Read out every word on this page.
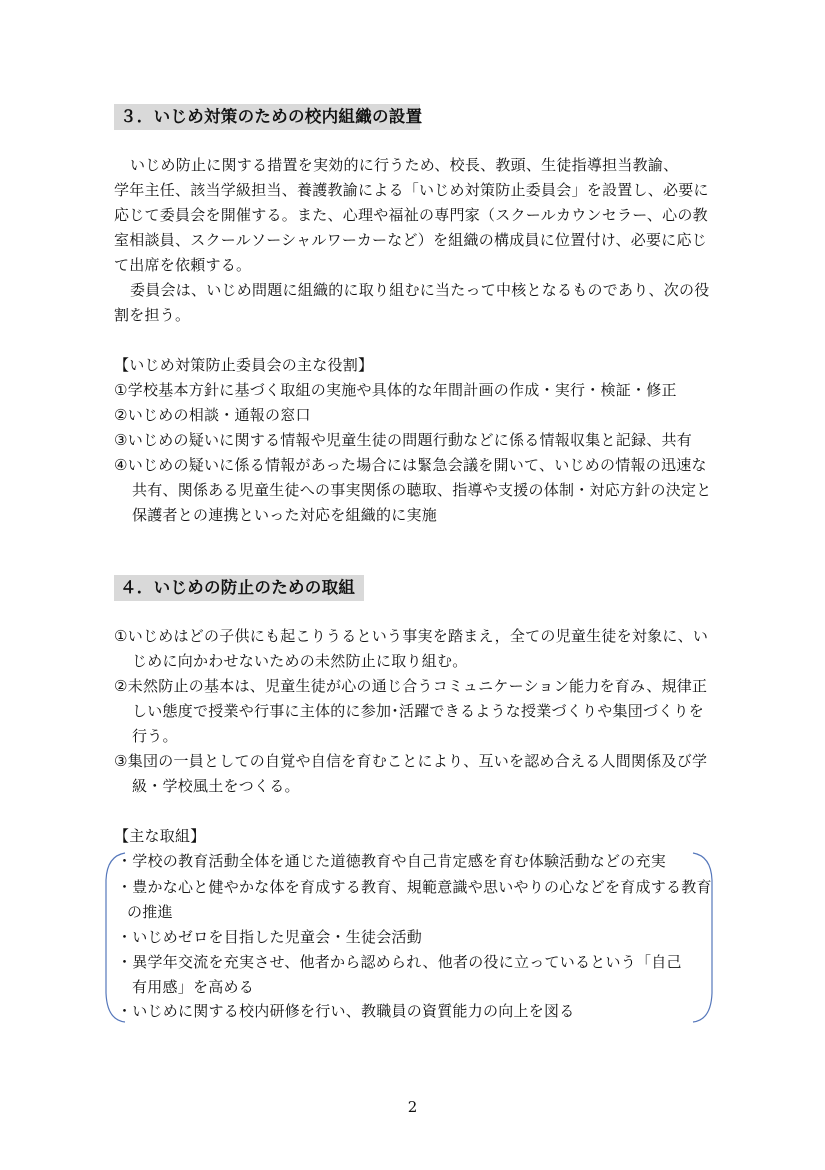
３．いじめ対策のための校内組織の設置
いじめ防止に関する措置を実効的に行うため、校長、教頭、生徒指導担当教諭、
学年主任、該当学級担当、養護教諭による「いじめ対策防止委員会」を設置し、必要に
応じて委員会を開催する。また、心理や福祉の専門家（スクールカウンセラー、心の教
室相談員、スクールソーシャルワーカーなど）を組織の構成員に位置付け、必要に応じ
て出席を依頼する。
委員会は、いじめ問題に組織的に取り組むに当たって中核となるものであり、次の役
割を担う。
【いじめ対策防止委員会の主な役割】
①学校基本方針に基づく取組の実施や具体的な年間計画の作成・実行・検証・修正
②いじめの相談・通報の窓口
③いじめの疑いに関する情報や児童生徒の問題行動などに係る情報収集と記録、共有
④いじめの疑いに係る情報があった場合には緊急会議を開いて、いじめの情報の迅速な
共有、関係ある児童生徒への事実関係の聴取、指導や支援の体制・対応方針の決定と
保護者との連携といった対応を組織的に実施
４．いじめの防止のための取組
①いじめはどの子供にも起こりうるという事実を踏まえ，全ての児童生徒を対象に、い
じめに向かわせないための未然防止に取り組む。
②未然防止の基本は、児童生徒が心の通じ合うコミュニケーション能力を育み、規律正
しい態度で授業や行事に主体的に参加･活躍できるような授業づくりや集団づくりを
行う。
③集団の一員としての自覚や自信を育むことにより、互いを認め合える人間関係及び学
級・学校風土をつくる。
【主な取組】
・学校の教育活動全体を通じた道徳教育や自己肯定感を育む体験活動などの充実
・豊かな心と健やかな体を育成する教育、規範意識や思いやりの心などを育成する教育
の推進
・いじめゼロを目指した児童会・生徒会活動
・異学年交流を充実させ、他者から認められ、他者の役に立っているという「自己
有用感」を高める
・いじめに関する校内研修を行い、教職員の資質能力の向上を図る
2
